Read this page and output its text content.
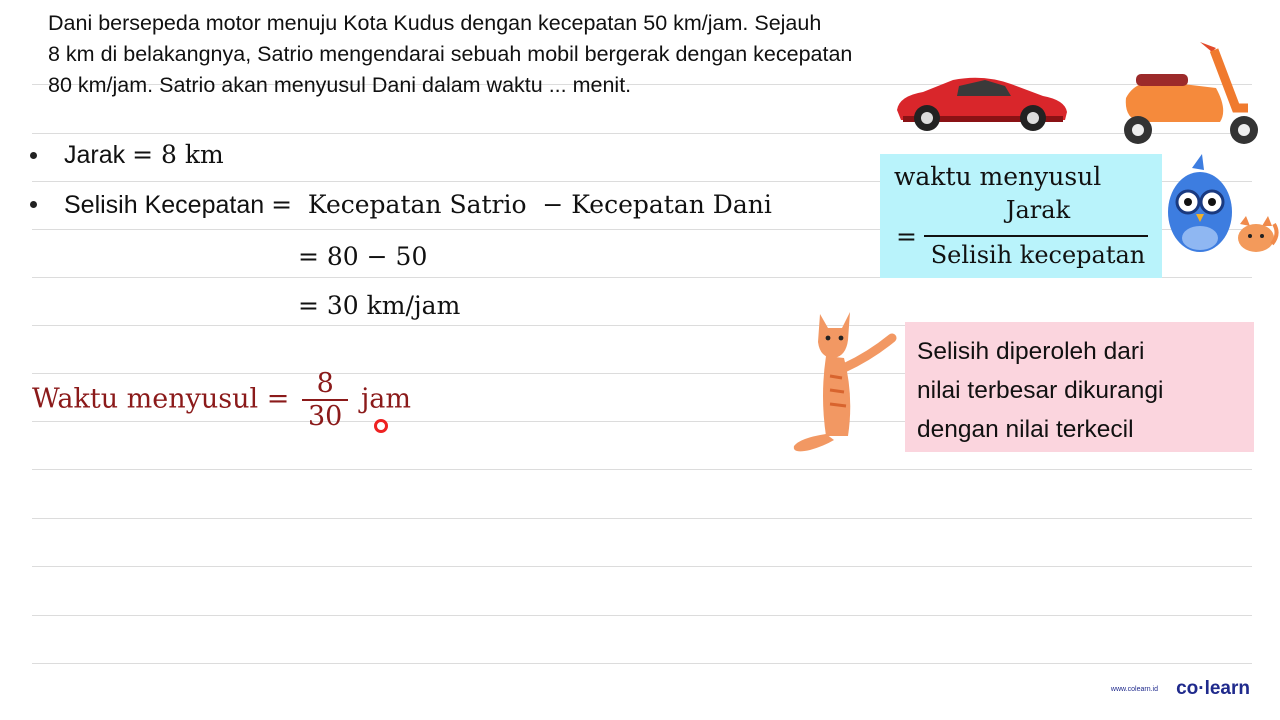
Dani bersepeda motor menuju Kota Kudus dengan kecepatan 50 km/jam. Sejauh
8 km di belakangnya, Satrio mengendarai sebuah mobil bergerak dengan kecepatan
80 km/jam. Satrio akan menyusul Dani dalam waktu ... menit.
Jarak = 8 km
Selisih Kecepatan =  Kecepatan Satrio  − Kecepatan Dani
= 80 − 50
= 30 km/jam
Waktu menyusul = $\frac{8}{30}$ jam
waktu menyusul
=
Jarak
Selisih kecepatan
Selisih diperoleh dari
nilai terbesar dikurangi
dengan nilai terkecil
www.colearn.id co·learn
